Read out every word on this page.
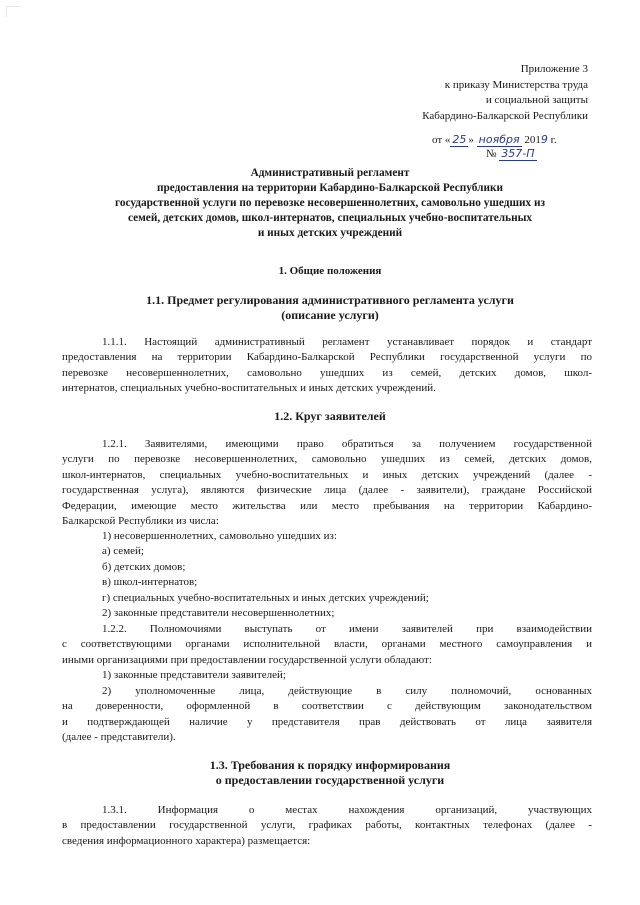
Приложение 3
к приказу Министерства труда
и социальной защиты
Кабардино-Балкарской Республики
от « 25 » ноября 2019 г.
№ 357-П
Административный регламент
предоставления на территории Кабардино-Балкарской Республики
государственной услуги по перевозке несовершеннолетних, самовольно ушедших из
семей, детских домов, школ-интернатов, специальных учебно-воспитательных
и иных детских учреждений
1. Общие положения
1.1. Предмет регулирования административного регламента услуги
(описание услуги)
1.1.1. Настоящий административный регламент устанавливает порядок и стандарт
предоставления на территории Кабардино-Балкарской Республики государственной услуги по
перевозке несовершеннолетних, самовольно ушедших из семей, детских домов, школ-
интернатов, специальных учебно-воспитательных и иных детских учреждений.
1.2. Круг заявителей
1.2.1. Заявителями, имеющими право обратиться за получением государственной
услуги по перевозке несовершеннолетних, самовольно ушедших из семей, детских домов,
школ-интернатов, специальных учебно-воспитательных и иных детских учреждений (далее -
государственная услуга), являются физические лица (далее - заявители), граждане Российской
Федерации, имеющие место жительства или место пребывания на территории Кабардино-
Балкарской Республики из числа:
1) несовершеннолетних, самовольно ушедших из:
а) семей;
б) детских домов;
в) школ-интернатов;
г) специальных учебно-воспитательных и иных детских учреждений;
2) законные представители несовершеннолетних;
1.2.2. Полномочиями выступать от имени заявителей при взаимодействии
с соответствующими органами исполнительной власти, органами местного самоуправления и
иными организациями при предоставлении государственной услуги обладают:
1) законные представители заявителей;
2) уполномоченные лица, действующие в силу полномочий, основанных
на доверенности, оформленной в соответствии с действующим законодательством
и подтверждающей наличие у представителя прав действовать от лица заявителя
(далее - представители).
1.3. Требования к порядку информирования
о предоставлении государственной услуги
1.3.1. Информация о местах нахождения организаций, участвующих
в предоставлении государственной услуги, графиках работы, контактных телефонах (далее -
сведения информационного характера) размещается:
